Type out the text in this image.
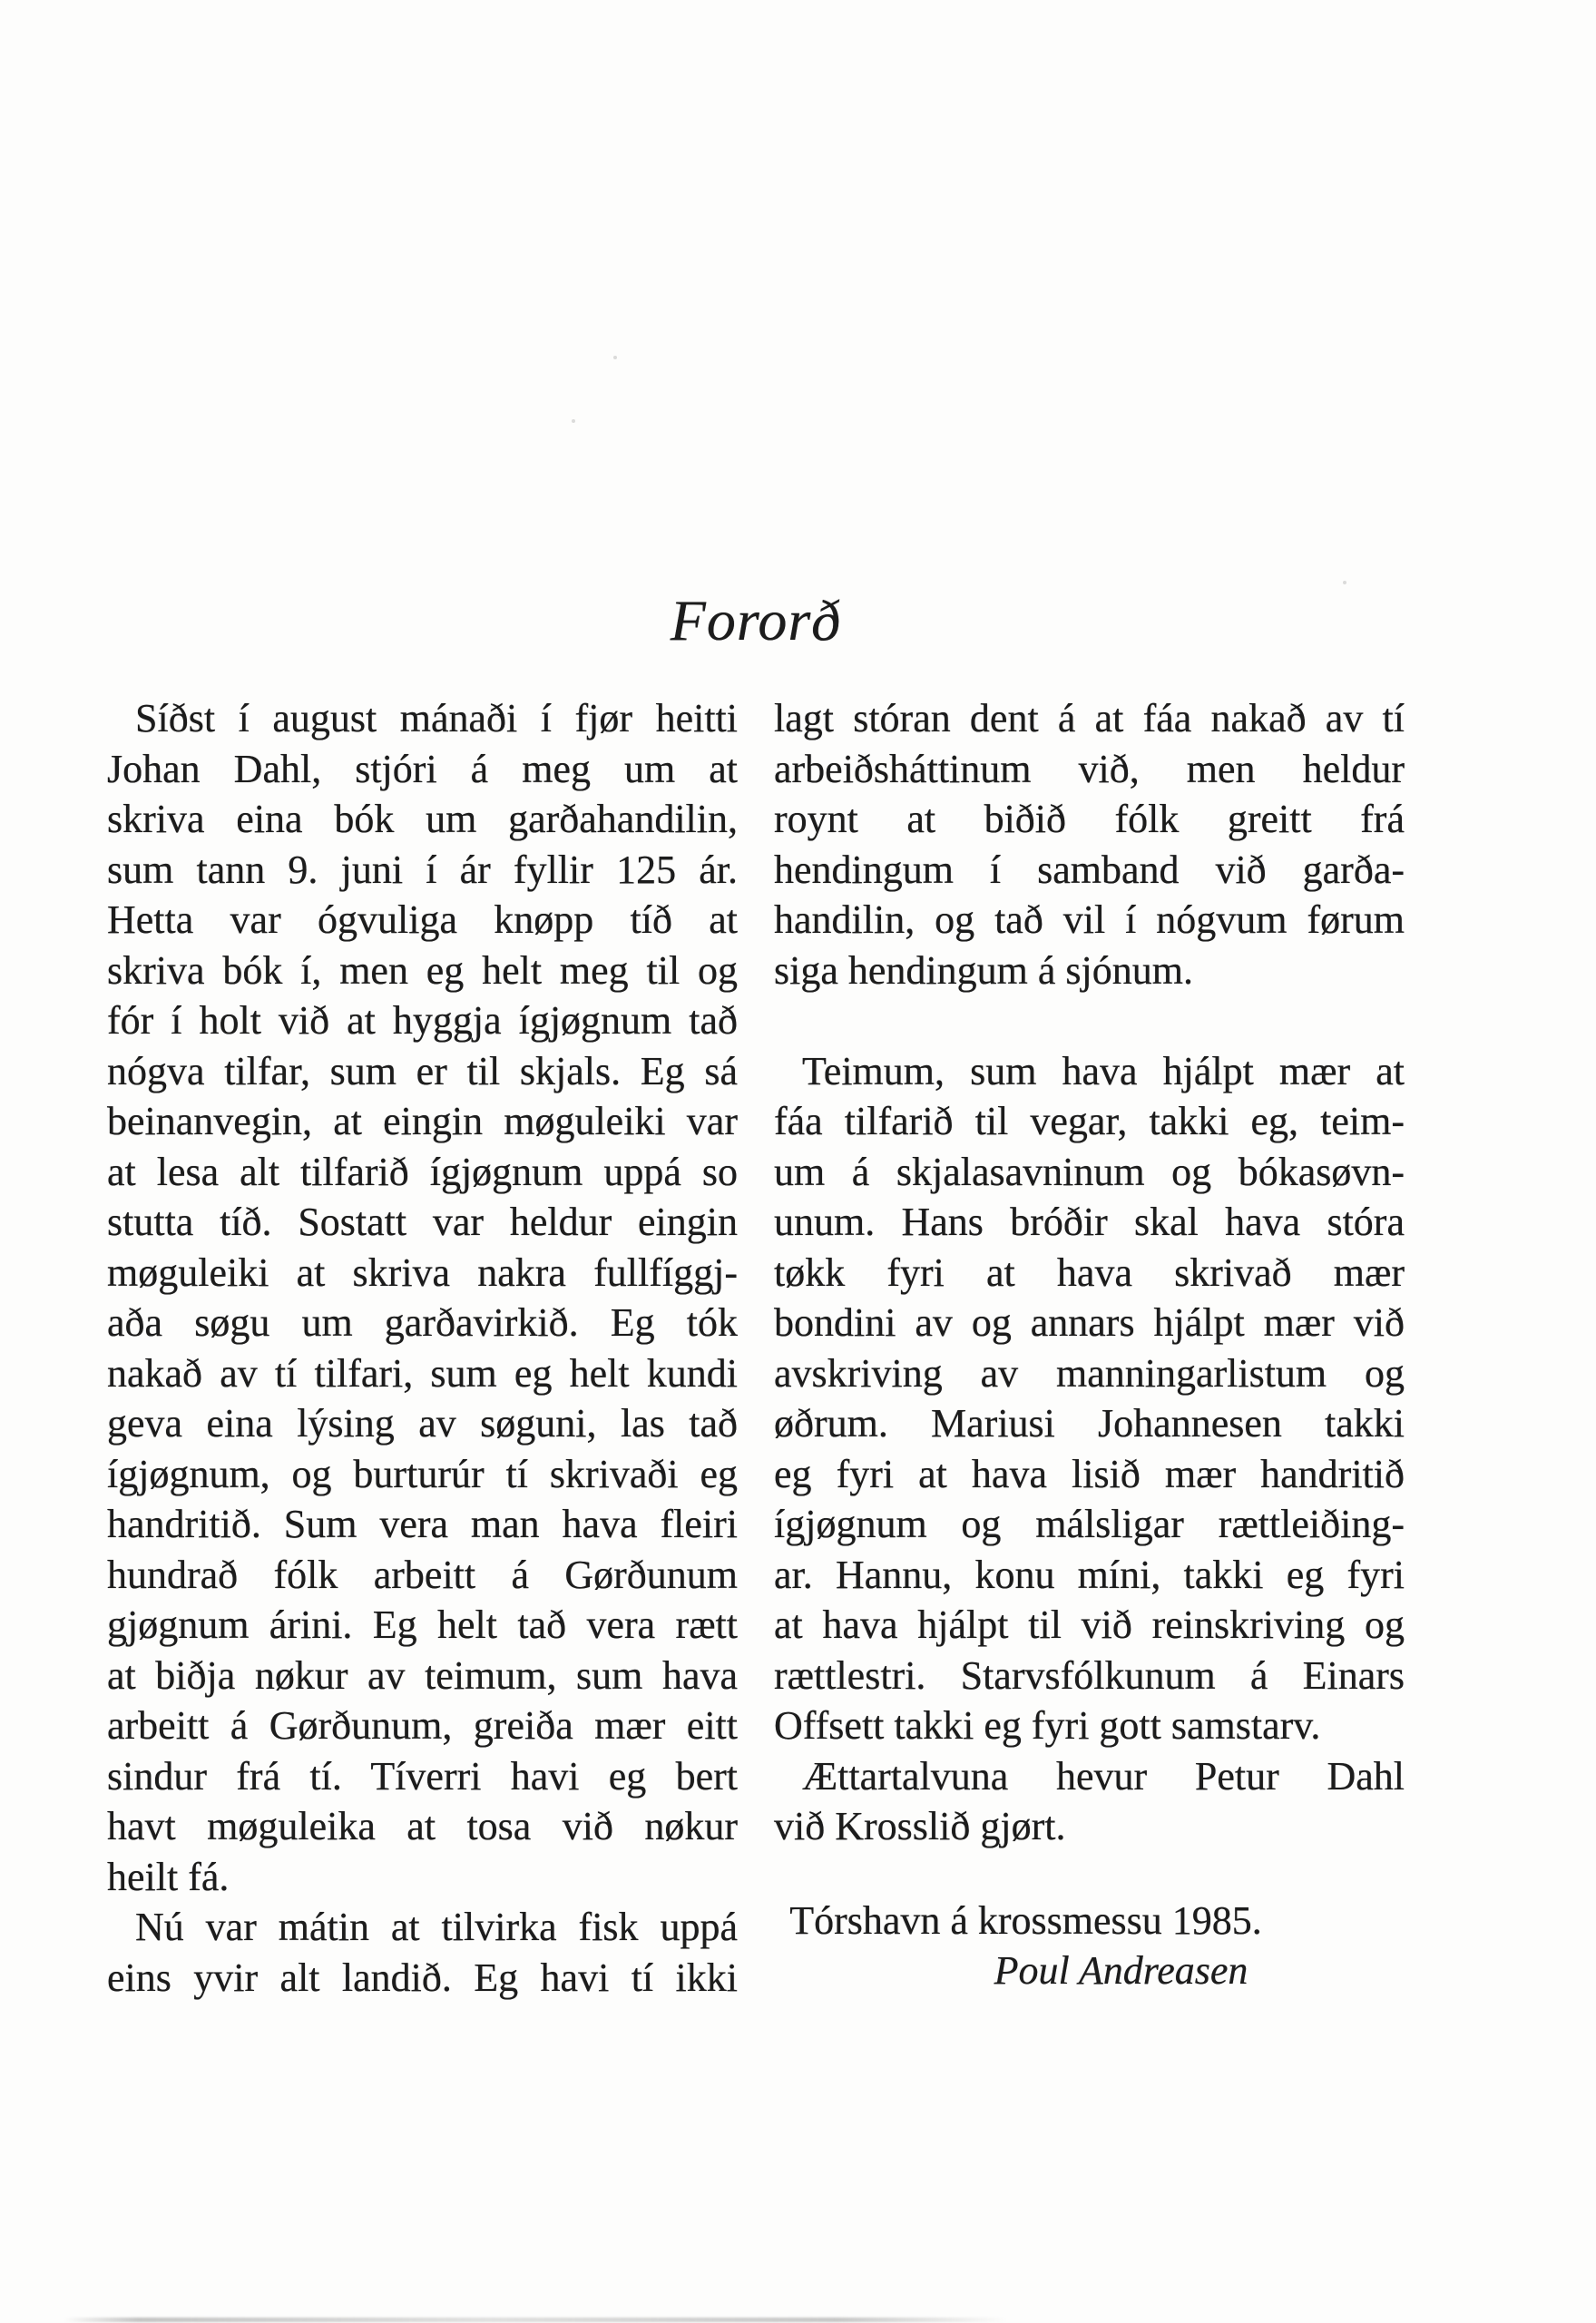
Fororð
Síðst í august mánaði í fjør heitti
Johan Dahl, stjóri á meg um at
skriva eina bók um garðahandilin,
sum tann 9. juni í ár fyllir 125 ár.
Hetta var ógvuliga knøpp tíð at
skriva bók í, men eg helt meg til og
fór í holt við at hyggja ígjøgnum tað
nógva tilfar, sum er til skjals. Eg sá
beinanvegin, at eingin møguleiki var
at lesa alt tilfarið ígjøgnum uppá so
stutta tíð. Sostatt var heldur eingin
møguleiki at skriva nakra fullfíggj-
aða søgu um garðavirkið. Eg tók
nakað av tí tilfari, sum eg helt kundi
geva eina lýsing av søguni, las tað
ígjøgnum, og burturúr tí skrivaði eg
handritið. Sum vera man hava fleiri
hundrað fólk arbeitt á Gørðunum
gjøgnum árini. Eg helt tað vera rætt
at biðja nøkur av teimum, sum hava
arbeitt á Gørðunum, greiða mær eitt
sindur frá tí. Tíverri havi eg bert
havt møguleika at tosa við nøkur
heilt fá.
Nú var mátin at tilvirka fisk uppá
eins yvir alt landið. Eg havi tí ikki
lagt stóran dent á at fáa nakað av tí
arbeiðsháttinum við, men heldur
roynt at biðið fólk greitt frá
hendingum í samband við garða-
handilin, og tað vil í nógvum førum
siga hendingum á sjónum.
Teimum, sum hava hjálpt mær at
fáa tilfarið til vegar, takki eg, teim-
um á skjalasavninum og bókasøvn-
unum. Hans bróðir skal hava stóra
tøkk fyri at hava skrivað mær
bondini av og annars hjálpt mær við
avskriving av manningarlistum og
øðrum. Mariusi Johannesen takki
eg fyri at hava lisið mær handritið
ígjøgnum og málsligar rættleiðing-
ar. Hannu, konu míni, takki eg fyri
at hava hjálpt til við reinskriving og
rættlestri. Starvsfólkunum á Einars
Offsett takki eg fyri gott samstarv.
Ættartalvuna hevur Petur Dahl
við Krosslið gjørt.
Tórshavn á krossmessu 1985.
Poul Andreasen
